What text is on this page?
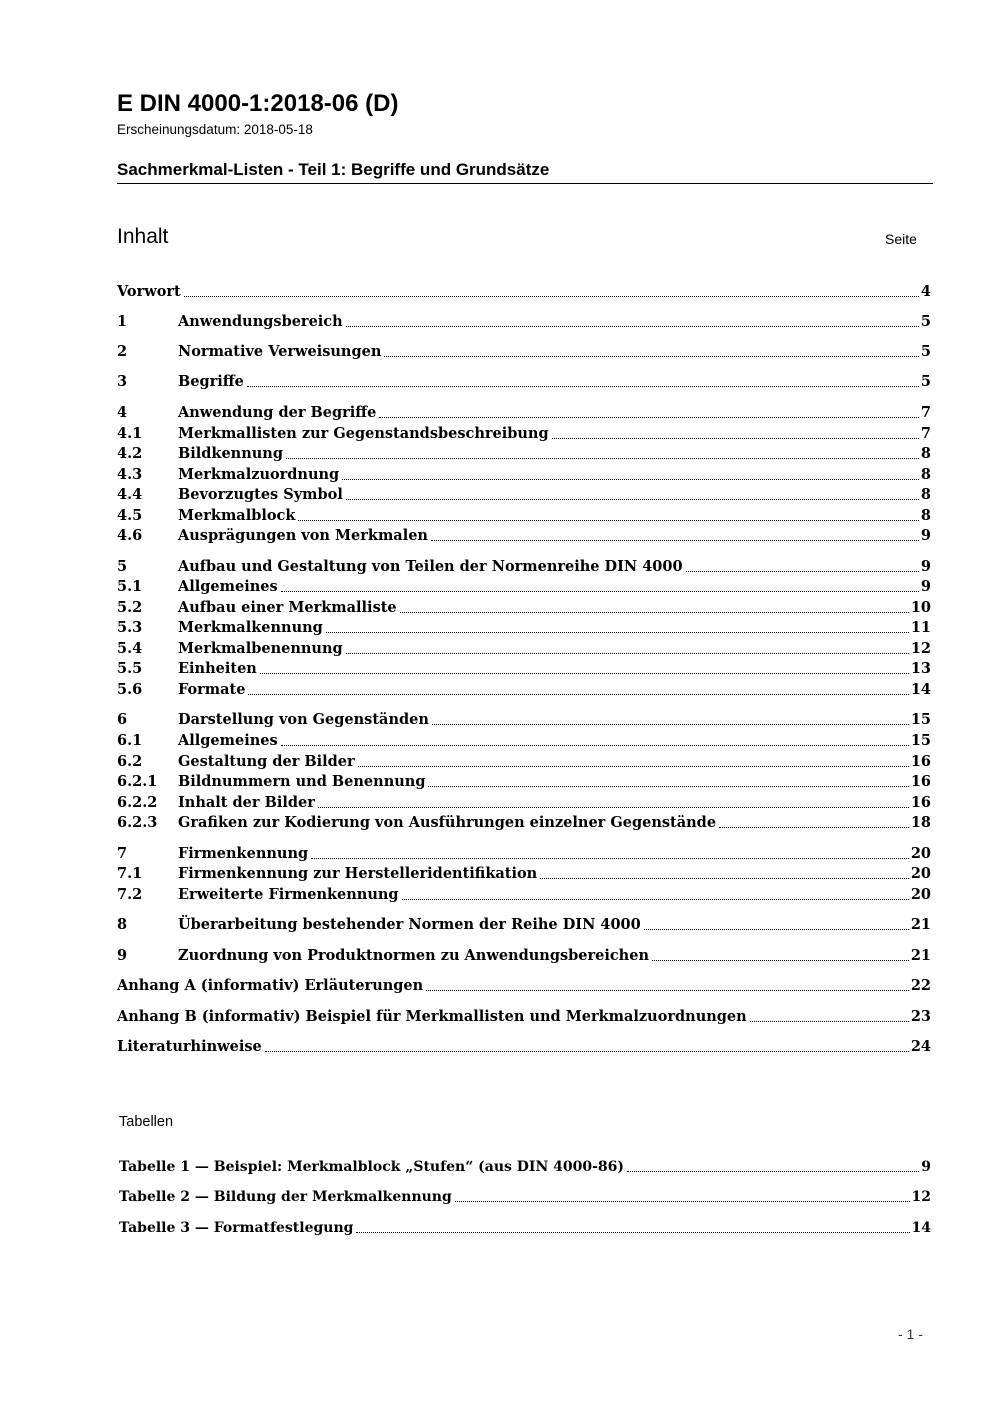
E DIN 4000-1:2018-06 (D)
Erscheinungsdatum: 2018-05-18
Sachmerkmal-Listen - Teil 1: Begriffe und Grundsätze
Inhalt	Seite
Vorwort	4
1	Anwendungsbereich	5
2	Normative Verweisungen	5
3	Begriffe	5
4	Anwendung der Begriffe	7
4.1	Merkmallisten zur Gegenstandsbeschreibung	7
4.2	Bildkennung	8
4.3	Merkmalzuordnung	8
4.4	Bevorzugtes Symbol	8
4.5	Merkmalblock	8
4.6	Ausprägungen von Merkmalen	9
5	Aufbau und Gestaltung von Teilen der Normenreihe DIN 4000	9
5.1	Allgemeines	9
5.2	Aufbau einer Merkmalliste	10
5.3	Merkmalkennung	11
5.4	Merkmalbenennung	12
5.5	Einheiten	13
5.6	Formate	14
6	Darstellung von Gegenständen	15
6.1	Allgemeines	15
6.2	Gestaltung der Bilder	16
6.2.1	Bildnummern und Benennung	16
6.2.2	Inhalt der Bilder	16
6.2.3	Grafiken zur Kodierung von Ausführungen einzelner Gegenstände	18
7	Firmenkennung	20
7.1	Firmenkennung zur Herstelleridentifikation	20
7.2	Erweiterte Firmenkennung	20
8	Überarbeitung bestehender Normen der Reihe DIN 4000	21
9	Zuordnung von Produktnormen zu Anwendungsbereichen	21
Anhang A (informativ) Erläuterungen	22
Anhang B (informativ) Beispiel für Merkmallisten und Merkmalzuordnungen	23
Literaturhinweise	24
Tabellen
Tabelle 1 — Beispiel: Merkmalblock „Stufen“ (aus DIN 4000-86)	9
Tabelle 2 — Bildung der Merkmalkennung	12
Tabelle 3 — Formatfestlegung	14
- 1 -
